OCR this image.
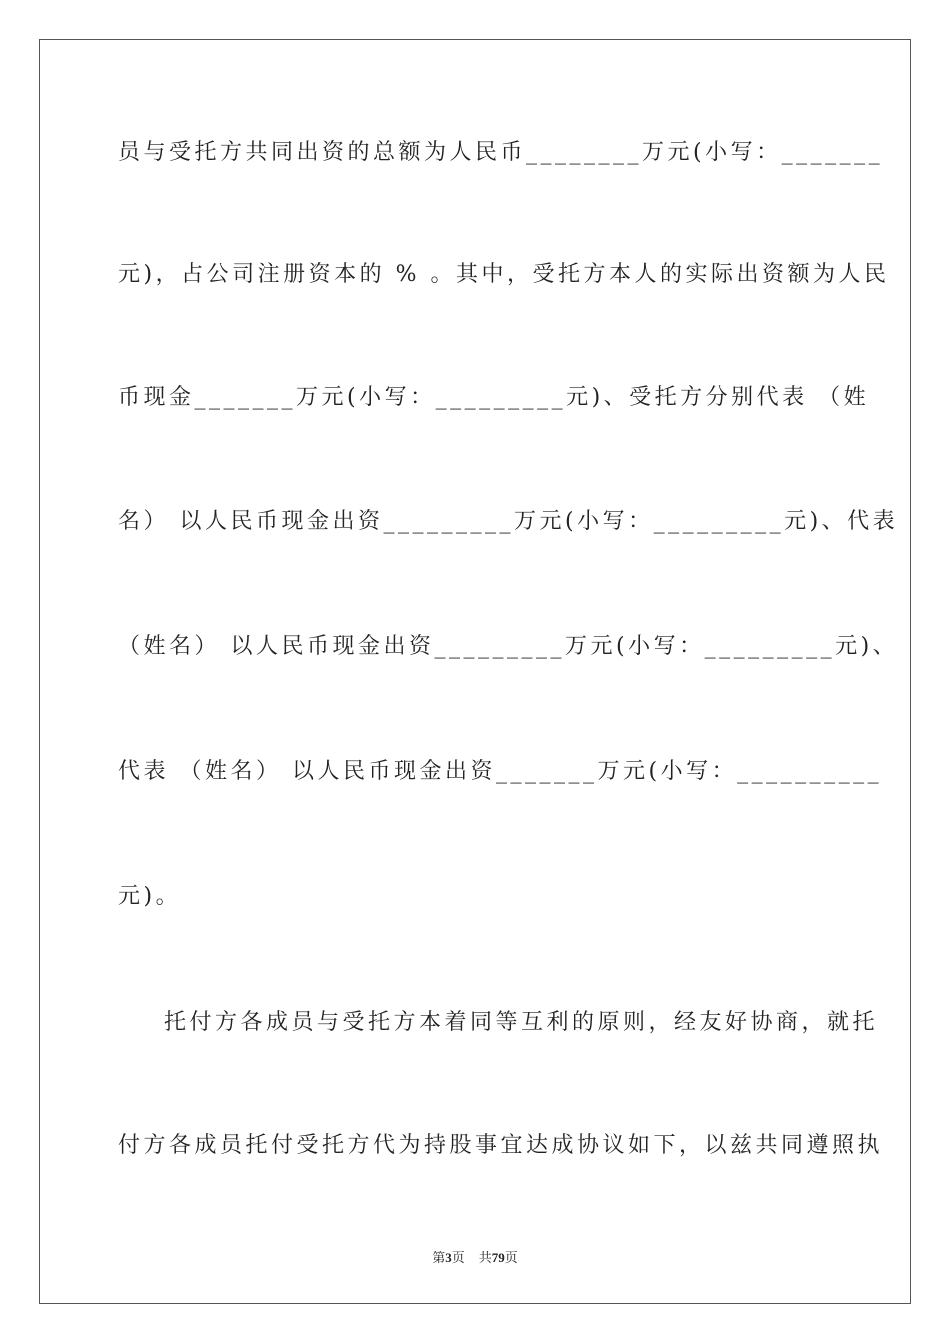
员与受托方共同出资的总额为人民币________万元(小写：_______
元)，占公司注册资本的 % 。其中，受托方本人的实际出资额为人民
币现金_______万元(小写：_________元)、受托方分别代表 （姓
名） 以人民币现金出资_________万元(小写：_________元)、代表
（姓名） 以人民币现金出资_________万元(小写：_________元)、
代表 （姓名） 以人民币现金出资_______万元(小写：__________
元)。
托付方各成员与受托方本着同等互利的原则，经友好协商，就托
付方各成员托付受托方代为持股事宜达成协议如下，以兹共同遵照执
第3页 共79页
